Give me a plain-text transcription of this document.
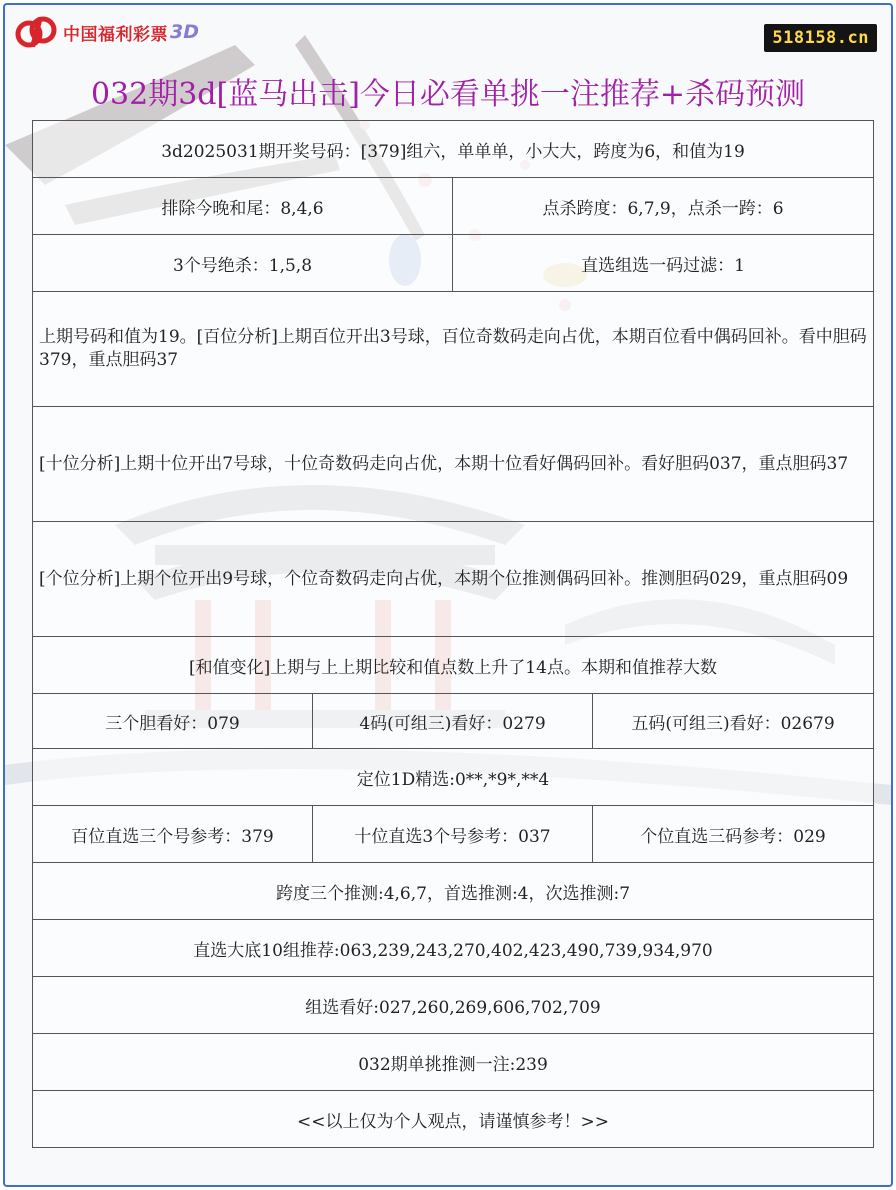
中国福利彩票 3D	518158.cn
032期3d[蓝马出击]今日必看单挑一注推荐+杀码预测
3d2025031期开奖号码：[379]组六，单单单，小大大，跨度为6，和值为19			
排除今晚和尾：8,4,6		点杀跨度：6,7,9，点杀一跨：6	
3个号绝杀：1,5,8		直选组选一码过滤：1	
上期号码和值为19。[百位分析]上期百位开出3号球，百位奇数码走向占优，本期百位看中偶码回补。看中胆码379，重点胆码37			
[十位分析]上期十位开出7号球，十位奇数码走向占优，本期十位看好偶码回补。看好胆码037，重点胆码37			
[个位分析]上期个位开出9号球，个位奇数码走向占优，本期个位推测偶码回补。推测胆码029，重点胆码09			
[和值变化]上期与上上期比较和值点数上升了14点。本期和值推荐大数			
三个胆看好：079	4码(可组三)看好：0279		五码(可组三)看好：02679
定位1D精选:0**,*9*,**4			
百位直选三个号参考：379	十位直选3个号参考：037		个位直选三码参考：029
跨度三个推测:4,6,7，首选推测:4，次选推测:7			
直选大底10组推荐:063,239,243,270,402,423,490,739,934,970			
组选看好:027,260,269,606,702,709			
032期单挑推测一注:239			
<<以上仅为个人观点，请谨慎参考！>>			
